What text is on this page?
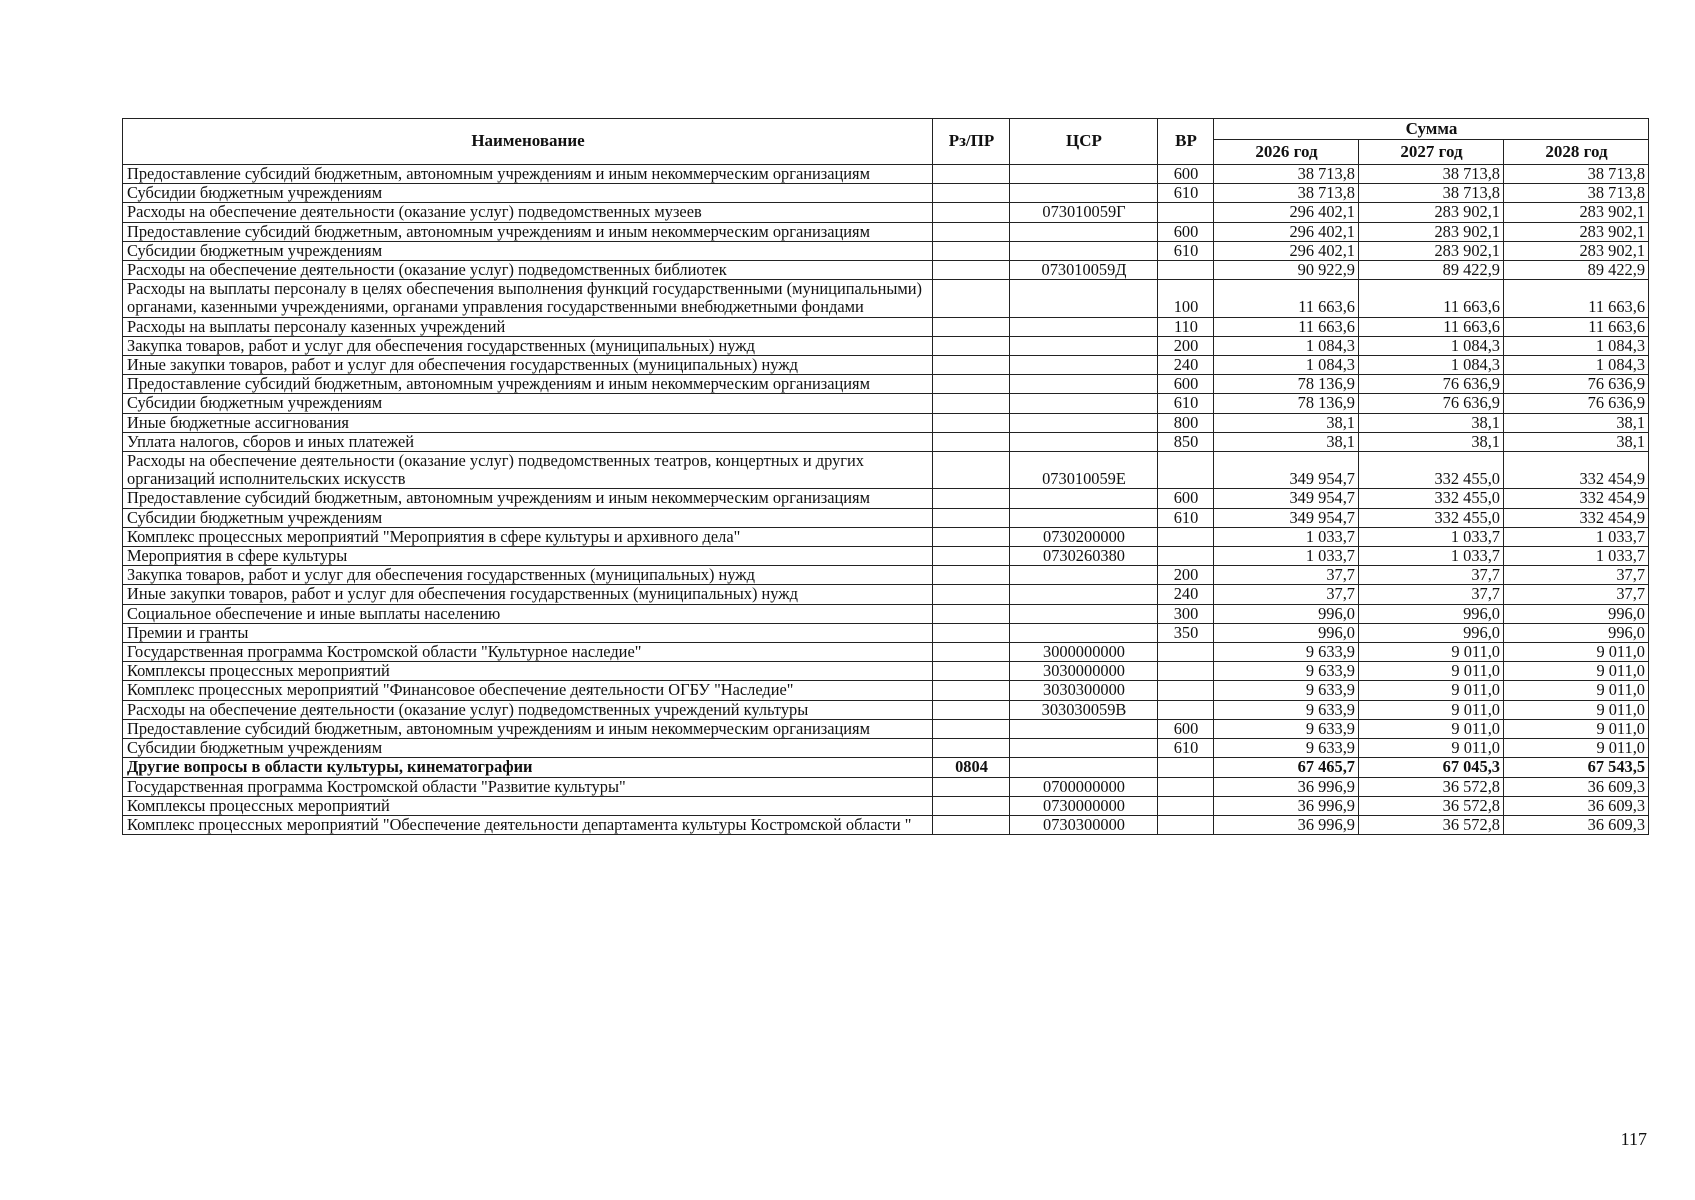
Наименование	Рз/ПР	ЦСР	ВР	Сумма		
				2026 год	2027 год	2028 год
Предоставление субсидий бюджетным, автономным учреждениям и иным некоммерческим организациям			600	38 713,8	38 713,8	38 713,8
Субсидии бюджетным учреждениям			610	38 713,8	38 713,8	38 713,8
Расходы на обеспечение деятельности (оказание услуг) подведомственных музеев		073010059Г		296 402,1	283 902,1	283 902,1
Предоставление субсидий бюджетным, автономным учреждениям и иным некоммерческим организациям			600	296 402,1	283 902,1	283 902,1
Субсидии бюджетным учреждениям			610	296 402,1	283 902,1	283 902,1
Расходы на обеспечение деятельности (оказание услуг) подведомственных библиотек		073010059Д		90 922,9	89 422,9	89 422,9
Расходы на выплаты персоналу в целях обеспечения выполнения функций государственными (муниципальными) органами, казенными учреждениями, органами управления государственными внебюджетными фондами			100	11 663,6	11 663,6	11 663,6
Расходы на выплаты персоналу казенных учреждений			110	11 663,6	11 663,6	11 663,6
Закупка товаров, работ и услуг для обеспечения государственных (муниципальных) нужд			200	1 084,3	1 084,3	1 084,3
Иные закупки товаров, работ и услуг для обеспечения государственных (муниципальных) нужд			240	1 084,3	1 084,3	1 084,3
Предоставление субсидий бюджетным, автономным учреждениям и иным некоммерческим организациям			600	78 136,9	76 636,9	76 636,9
Субсидии бюджетным учреждениям			610	78 136,9	76 636,9	76 636,9
Иные бюджетные ассигнования			800	38,1	38,1	38,1
Уплата налогов, сборов и иных платежей			850	38,1	38,1	38,1
Расходы на обеспечение деятельности (оказание услуг) подведомственных театров, концертных и других организаций исполнительских искусств		073010059Е		349 954,7	332 455,0	332 454,9
Предоставление субсидий бюджетным, автономным учреждениям и иным некоммерческим организациям			600	349 954,7	332 455,0	332 454,9
Субсидии бюджетным учреждениям			610	349 954,7	332 455,0	332 454,9
Комплекс процессных мероприятий "Мероприятия в сфере культуры и архивного дела"		0730200000		1 033,7	1 033,7	1 033,7
Мероприятия в сфере культуры		0730260380		1 033,7	1 033,7	1 033,7
Закупка товаров, работ и услуг для обеспечения государственных (муниципальных) нужд			200	37,7	37,7	37,7
Иные закупки товаров, работ и услуг для обеспечения государственных (муниципальных) нужд			240	37,7	37,7	37,7
Социальное обеспечение и иные выплаты населению			300	996,0	996,0	996,0
Премии и гранты			350	996,0	996,0	996,0
Государственная программа Костромской области "Культурное наследие"		3000000000		9 633,9	9 011,0	9 011,0
Комплексы процессных мероприятий		3030000000		9 633,9	9 011,0	9 011,0
Комплекс процессных мероприятий "Финансовое обеспечение деятельности ОГБУ "Наследие"		3030300000		9 633,9	9 011,0	9 011,0
Расходы на обеспечение деятельности (оказание услуг) подведомственных учреждений культуры		303030059В		9 633,9	9 011,0	9 011,0
Предоставление субсидий бюджетным, автономным учреждениям и иным некоммерческим организациям			600	9 633,9	9 011,0	9 011,0
Субсидии бюджетным учреждениям			610	9 633,9	9 011,0	9 011,0
Другие вопросы в области культуры, кинематографии	0804			67 465,7	67 045,3	67 543,5
Государственная программа Костромской области "Развитие культуры"		0700000000		36 996,9	36 572,8	36 609,3
Комплексы процессных мероприятий		0730000000		36 996,9	36 572,8	36 609,3
Комплекс процессных мероприятий "Обеспечение деятельности департамента культуры Костромской области "		0730300000		36 996,9	36 572,8	36 609,3
117
